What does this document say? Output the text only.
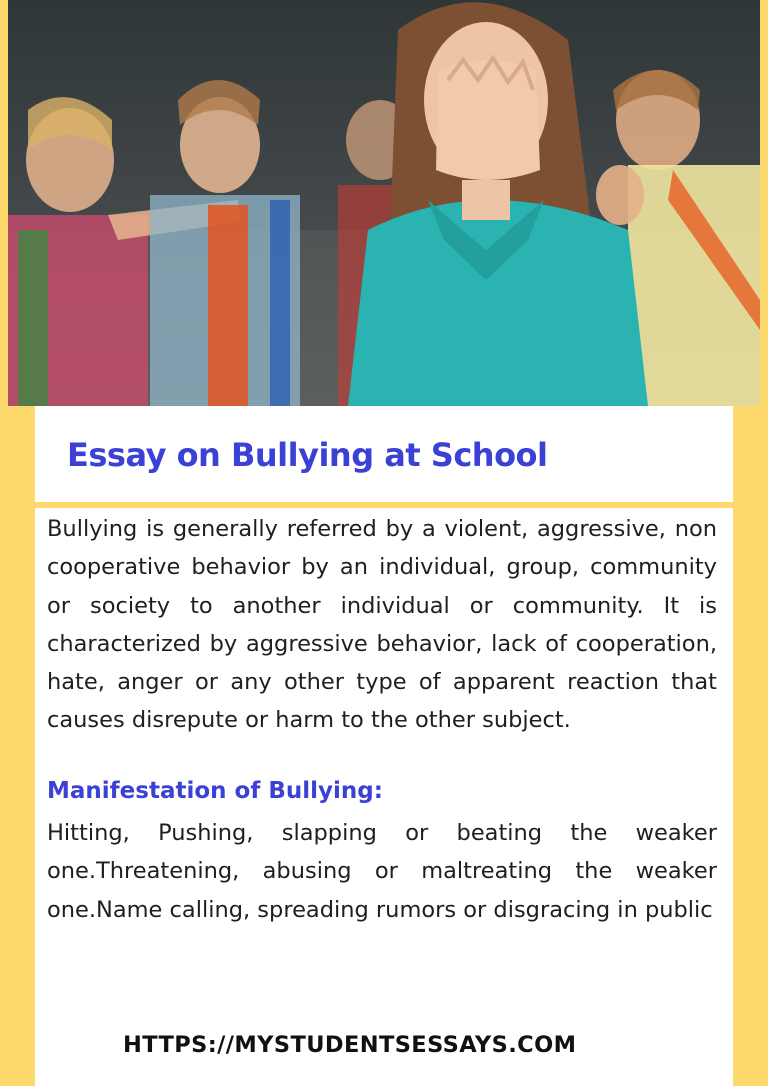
Essay on Bullying at School

Bullying is generally referred by a violent, aggressive, non cooperative behavior by an individual, group, community or society to another individual or community. It is characterized by aggressive behavior, lack of cooperation, hate, anger or any other type of apparent reaction that causes disrepute or harm to the other subject.

Manifestation of Bullying:

Hitting, Pushing, slapping or beating the weaker one.Threatening, abusing or maltreating the weaker one.Name calling, spreading rumors or disgracing in public

HTTPS://MYSTUDENTSESSAYS.COM
